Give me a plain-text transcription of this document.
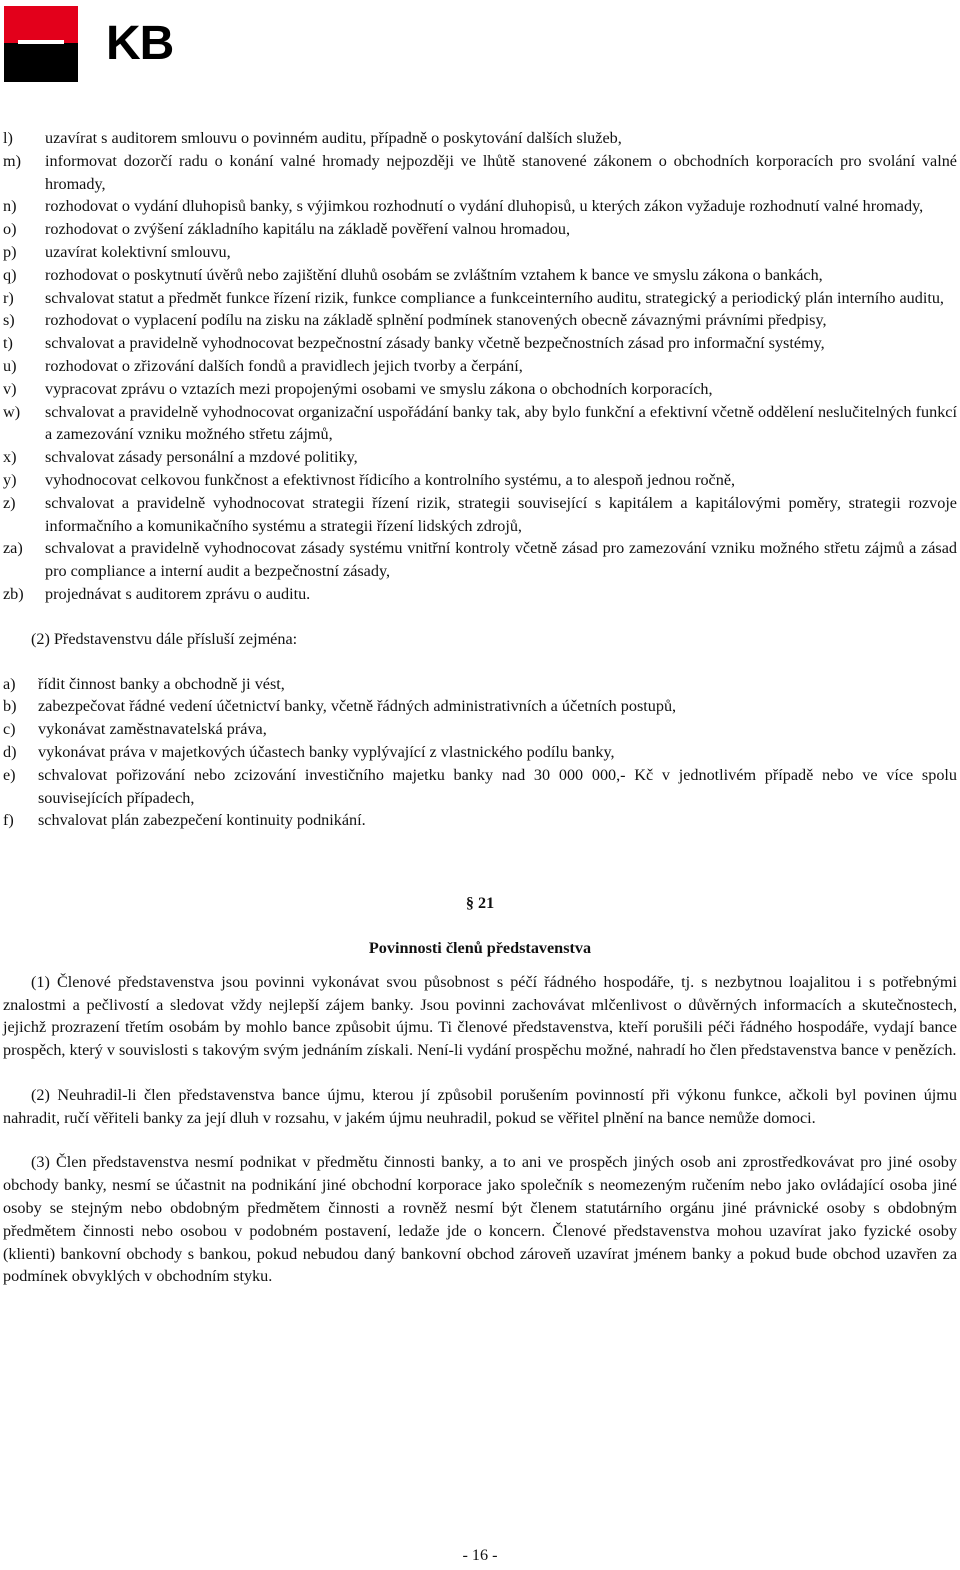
KB
l)	uzavírat s auditorem smlouvu o povinném auditu, případně o poskytování dalších služeb,
m)	informovat dozorčí radu o konání valné hromady nejpozději ve lhůtě stanovené zákonem o obchodních korporacích pro svolání valné hromady,
n)	rozhodovat o vydání dluhopisů banky, s výjimkou rozhodnutí o vydání dluhopisů, u kterých zákon vyžaduje rozhodnutí valné hromady,
o)	rozhodovat o zvýšení základního kapitálu na základě pověření valnou hromadou,
p)	uzavírat kolektivní smlouvu,
q)	rozhodovat o poskytnutí úvěrů nebo zajištění dluhů osobám se zvláštním vztahem k bance ve smyslu zákona o bankách,
r)	schvalovat statut a předmět funkce řízení rizik, funkce compliance a funkceinterního auditu, strategický a periodický plán interního auditu,
s)	rozhodovat o vyplacení podílu na zisku na základě splnění podmínek stanovených obecně závaznými právními předpisy,
t)	schvalovat a pravidelně vyhodnocovat bezpečnostní zásady banky včetně bezpečnostních zásad pro informační systémy,
u)	rozhodovat o zřizování dalších fondů a pravidlech jejich tvorby a čerpání,
v)	vypracovat zprávu o vztazích mezi propojenými osobami ve smyslu zákona o obchodních korporacích,
w)	schvalovat a pravidelně vyhodnocovat organizační uspořádání banky tak, aby bylo funkční a efektivní včetně oddělení neslučitelných funkcí a zamezování vzniku možného střetu zájmů,
x)	schvalovat zásady personální a mzdové politiky,
y)	vyhodnocovat celkovou funkčnost a efektivnost řídicího a kontrolního systému, a to alespoň jednou ročně,
z)	schvalovat a pravidelně vyhodnocovat strategii řízení rizik, strategii související s kapitálem a kapitálovými poměry, strategii rozvoje informačního a komunikačního systému a strategii řízení lidských zdrojů,
za)	schvalovat a pravidelně vyhodnocovat zásady systému vnitřní kontroly včetně zásad pro zamezování vzniku možného střetu zájmů a zásad pro compliance a interní audit a bezpečnostní zásady,
zb)	projednávat s auditorem zprávu o auditu.
(2) Představenstvu dále přísluší zejména:
a)	řídit činnost banky a obchodně ji vést,
b)	zabezpečovat řádné vedení účetnictví banky, včetně řádných administrativních a účetních postupů,
c)	vykonávat zaměstnavatelská práva,
d)	vykonávat práva v majetkových účastech banky vyplývající z vlastnického podílu banky,
e)	schvalovat pořizování nebo zcizování investičního majetku banky nad 30 000 000,- Kč v jednotlivém případě nebo ve více spolu souvisejících případech,
f)	schvalovat plán zabezpečení kontinuity podnikání.
§ 21
Povinnosti členů představenstva
(1) Členové představenstva jsou povinni vykonávat svou působnost s péčí řádného hospodáře, tj. s nezbytnou loajalitou i s potřebnými znalostmi a pečlivostí a sledovat vždy nejlepší zájem banky. Jsou povinni zachovávat mlčenlivost o důvěrných informacích a skutečnostech, jejichž prozrazení třetím osobám by mohlo bance způsobit újmu. Ti členové představenstva, kteří porušili péči řádného hospodáře, vydají bance prospěch, který v souvislosti s takovým svým jednáním získali. Není-li vydání prospěchu možné, nahradí ho člen představenstva bance v penězích.
(2) Neuhradil-li člen představenstva bance újmu, kterou jí způsobil porušením povinností při výkonu funkce, ačkoli byl povinen újmu nahradit, ručí věřiteli banky za její dluh v rozsahu, v jakém újmu neuhradil, pokud se věřitel plnění na bance nemůže domoci.
(3) Člen představenstva nesmí podnikat v předmětu činnosti banky, a to ani ve prospěch jiných osob ani zprostředkovávat pro jiné osoby obchody banky, nesmí se účastnit na podnikání jiné obchodní korporace jako společník s neomezeným ručením nebo jako ovládající osoba jiné osoby se stejným nebo obdobným předmětem činnosti a rovněž nesmí být členem statutárního orgánu jiné právnické osoby s obdobným předmětem činnosti nebo osobou v podobném postavení, ledaže jde o koncern. Členové představenstva mohou uzavírat jako fyzické osoby (klienti) bankovní obchody s bankou, pokud nebudou daný bankovní obchod zároveň uzavírat jménem banky a pokud bude obchod uzavřen za podmínek obvyklých v obchodním styku.
- 16 -
